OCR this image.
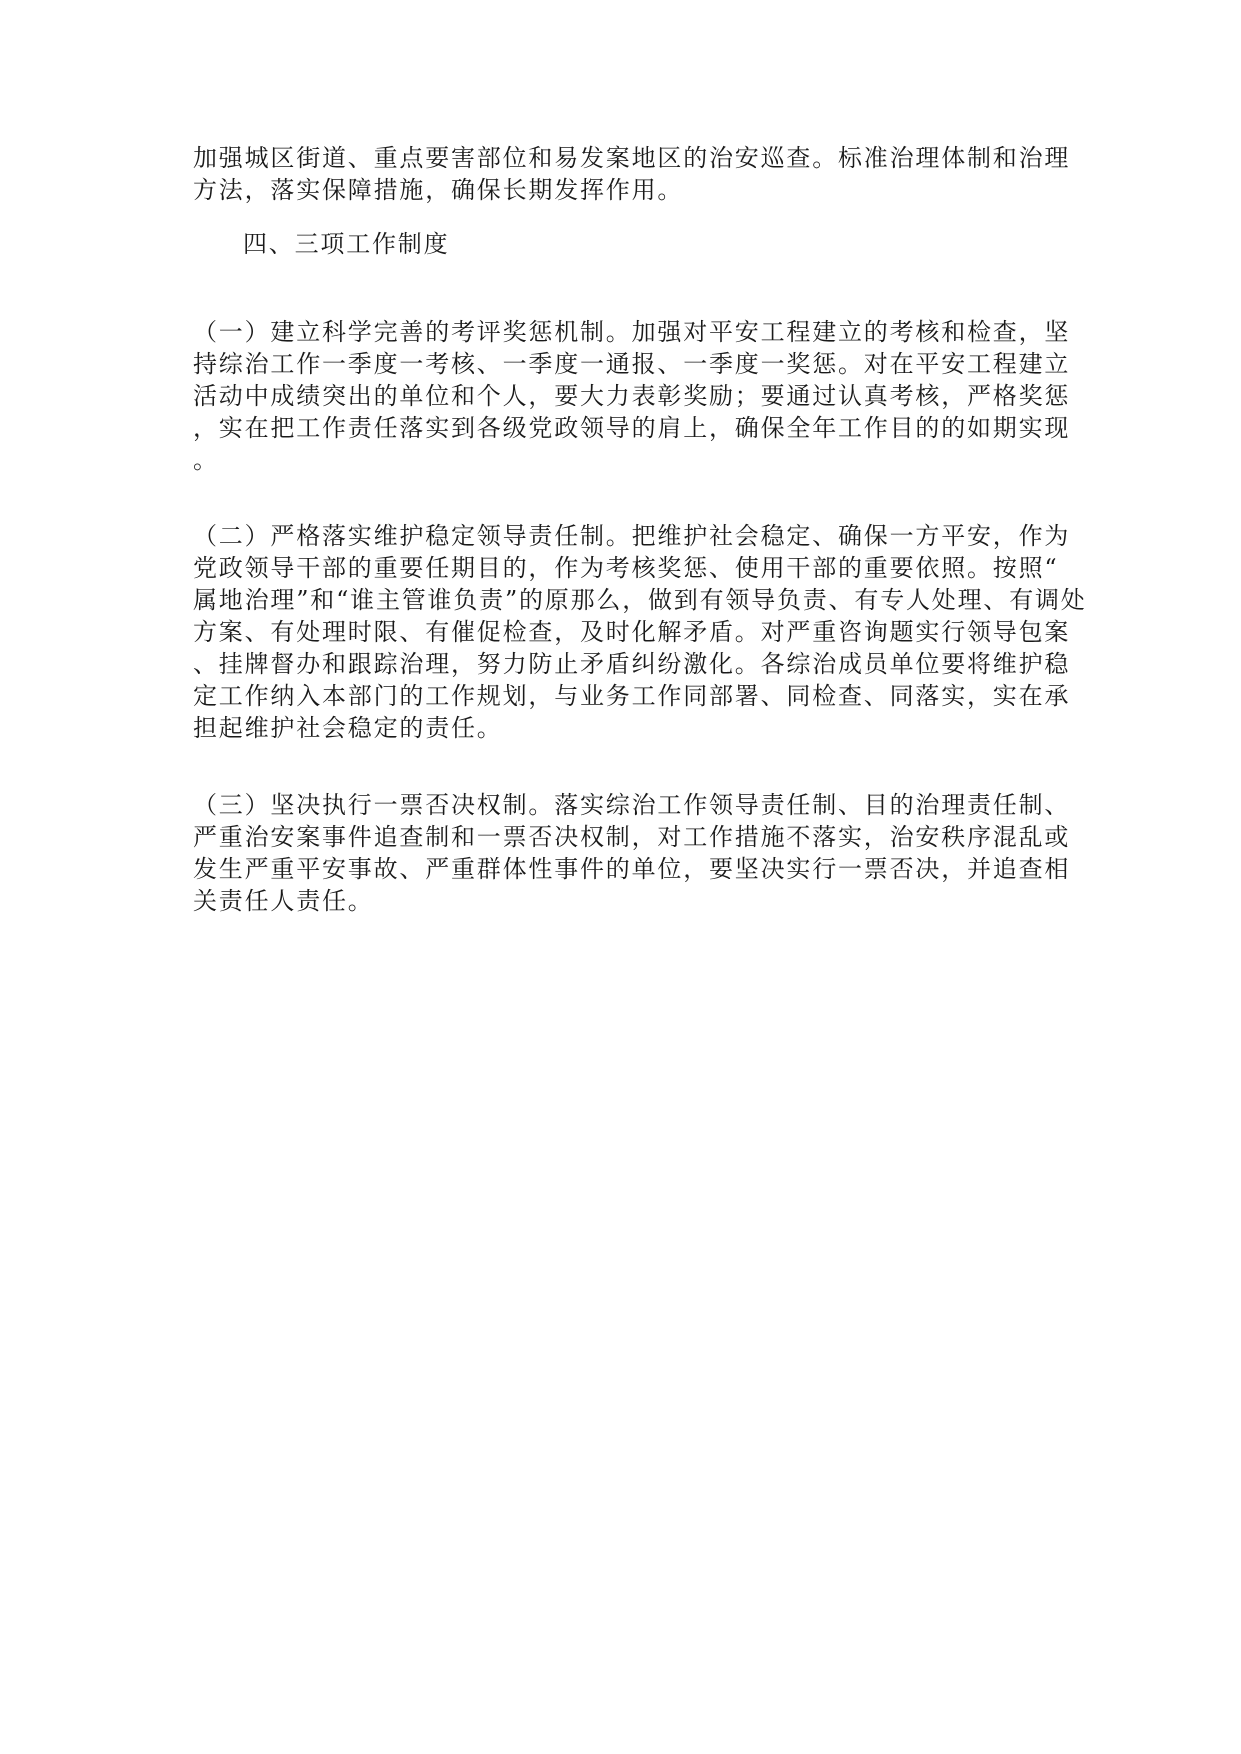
加强城区街道、重点要害部位和易发案地区的治安巡查。标准治理体制和治理
方法，落实保障措施，确保长期发挥作用。
四、三项工作制度
（一）建立科学完善的考评奖惩机制。加强对平安工程建立的考核和检查，坚
持综治工作一季度一考核、一季度一通报、一季度一奖惩。对在平安工程建立
活动中成绩突出的单位和个人，要大力表彰奖励；要通过认真考核，严格奖惩
，实在把工作责任落实到各级党政领导的肩上，确保全年工作目的的如期实现
。
（二）严格落实维护稳定领导责任制。把维护社会稳定、确保一方平安，作为
党政领导干部的重要任期目的，作为考核奖惩、使用干部的重要依照。按照“
属地治理”和“谁主管谁负责”的原那么，做到有领导负责、有专人处理、有调处
方案、有处理时限、有催促检查，及时化解矛盾。对严重咨询题实行领导包案
、挂牌督办和跟踪治理，努力防止矛盾纠纷激化。各综治成员单位要将维护稳
定工作纳入本部门的工作规划，与业务工作同部署、同检查、同落实，实在承
担起维护社会稳定的责任。
（三）坚决执行一票否决权制。落实综治工作领导责任制、目的治理责任制、
严重治安案事件追查制和一票否决权制，对工作措施不落实，治安秩序混乱或
发生严重平安事故、严重群体性事件的单位，要坚决实行一票否决，并追查相
关责任人责任。
